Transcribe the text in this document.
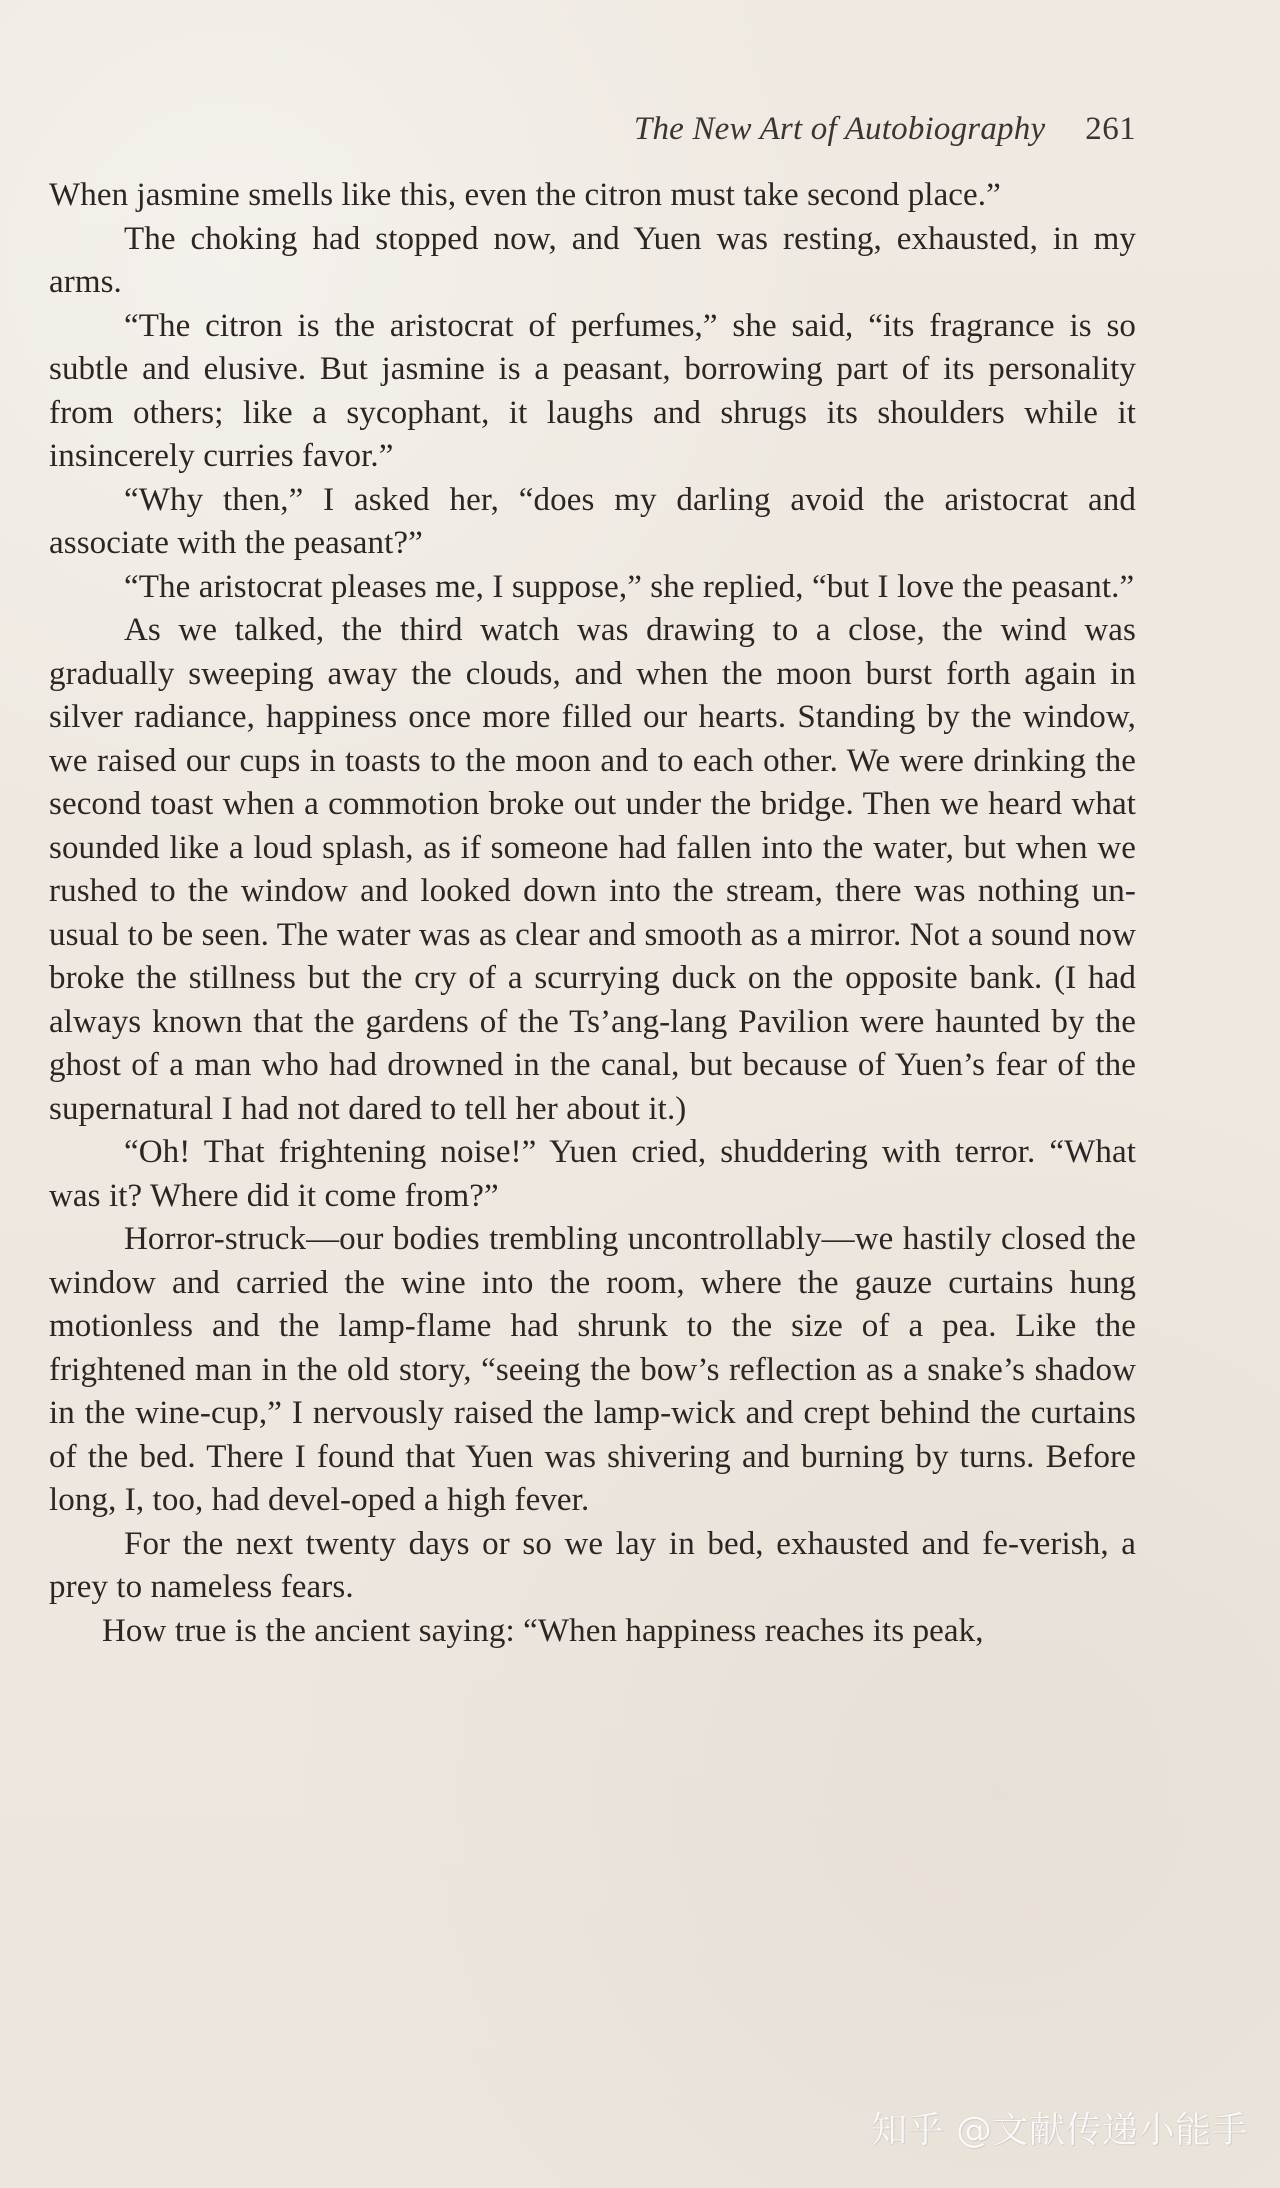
The New Art of Autobiography 261

When jasmine smells like this, even the citron must take second place.”

The choking had stopped now, and Yuen was resting, exhausted, in my arms.

“The citron is the aristocrat of perfumes,” she said, “its fragrance is so subtle and elusive. But jasmine is a peasant, borrowing part of its personality from others; like a sycophant, it laughs and shrugs its shoulders while it insincerely curries favor.”

“Why then,” I asked her, “does my darling avoid the aristocrat and associate with the peasant?”

“The aristocrat pleases me, I suppose,” she replied, “but I love the peasant.”

As we talked, the third watch was drawing to a close, the wind was gradually sweeping away the clouds, and when the moon burst forth again in silver radiance, happiness once more filled our hearts. Standing by the window, we raised our cups in toasts to the moon and to each other. We were drinking the second toast when a commotion broke out under the bridge. Then we heard what sounded like a loud splash, as if someone had fallen into the water, but when we rushed to the window and looked down into the stream, there was nothing un-usual to be seen. The water was as clear and smooth as a mirror. Not a sound now broke the stillness but the cry of a scurrying duck on the opposite bank. (I had always known that the gardens of the Ts’ang-lang Pavilion were haunted by the ghost of a man who had drowned in the canal, but because of Yuen’s fear of the supernatural I had not dared to tell her about it.)

“Oh! That frightening noise!” Yuen cried, shuddering with terror. “What was it? Where did it come from?”

Horror-struck—our bodies trembling uncontrollably—we hastily closed the window and carried the wine into the room, where the gauze curtains hung motionless and the lamp-flame had shrunk to the size of a pea. Like the frightened man in the old story, “seeing the bow’s reflection as a snake’s shadow in the wine-cup,” I nervously raised the lamp-wick and crept behind the curtains of the bed. There I found that Yuen was shivering and burning by turns. Before long, I, too, had devel-oped a high fever.

For the next twenty days or so we lay in bed, exhausted and fe-verish, a prey to nameless fears.

How true is the ancient saying: “When happiness reaches its peak,

知乎 @文献传递小能手
